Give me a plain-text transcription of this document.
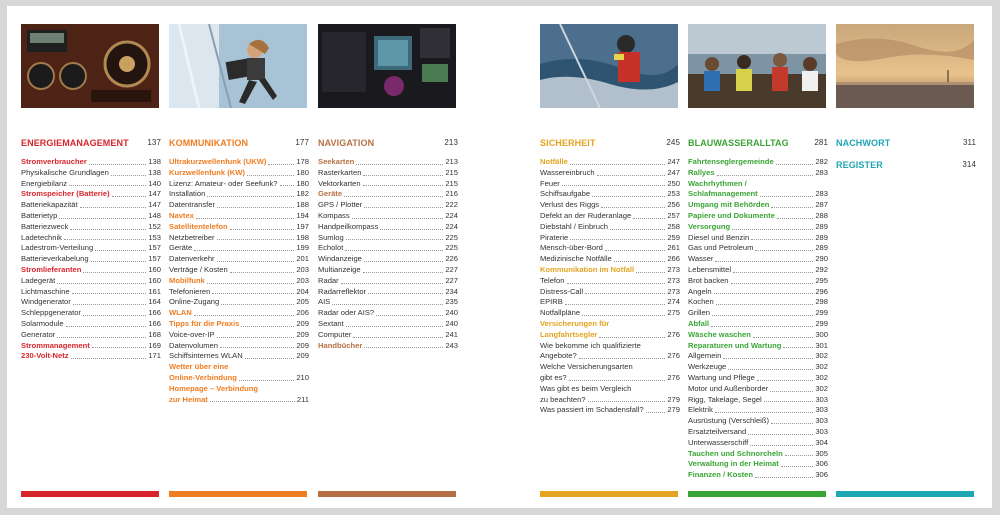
ENERGIEMANAGEMENT 137
Stromverbraucher	138
Physikalische Grundlagen	138
Energiebilanz	140
Stromspeicher (Batterie)	147
Batteriekapazität	147
Batterietyp	148
Batteriezweck	152
Ladetechnik	153
Ladestrom-Verteilung	157
Batterieverkabelung	157
Stromlieferanten	160
Ladegerät	160
Lichtmaschine	161
Windgenerator	164
Schleppgenerator	166
Solarmodule	166
Generator	168
Strommanagement	169
230-Volt-Netz	171
KOMMUNIKATION	177
Ultrakurzwellenfunk (UKW)	178
Kurzwellenfunk (KW)	180
Lizenz: Amateur- oder Seefunk? 180
Installation	182
Datentransfer	188
Navtex	194
Satellitentelefon	197
Netzbetreiber	198
Geräte	199
Datenverkehr	201
Verträge / Kosten	203
Mobilfunk	203
Telefonieren	204
Online-Zugang	205
WLAN	206
Tipps für die Praxis	209
Voice-over-IP	209
Datenvolumen	209
Schiffsinternes WLAN	209
Wetter über eine
Online-Verbindung	210
Homepage – Verbindung
zur Heimat	211
NAVIGATION	213
Seekarten	213
Rasterkarten	215
Vektorkarten	215
Geräte	216
GPS / Plotter	222
Kompass	224
Handpeilkompass	224
Sumlog	225
Echolot	225
Windanzeige	226
Multianzeige	227
Radar	227
Radarreflektor	234
AIS	235
Radar oder AIS?	240
Sextant	240
Computer	241
Handbücher	243
SICHERHEIT	245
Notfälle	247
Wassereinbruch	247
Feuer	250
Schiffsaufgabe	253
Verlust des Riggs	256
Defekt an der Ruderanlage	257
Diebstahl / Einbruch	258
Piraterie	259
Mensch-über-Bord	261
Medizinische Notfälle	266
Kommunikation im Notfall	273
Telefon	273
Distress-Call	273
EPIRB	274
Notfallpläne	275
Versicherungen für
Langfahrtsegler	276
Wie bekomme ich qualifizierte
Angebote?	276
Welche Versicherungsarten
gibt es?	276
Was gibt es beim Vergleich
zu beachten?	279
Was passiert im Schadensfall?	279
BLAUWASSERALLTAG	281
Fahrtenseglergemeinde	282
Rallyes	283
Wachrhythmen /
Schlafmanagement	283
Umgang mit Behörden	287
Papiere und Dokumente	288
Versorgung	289
Diesel und Benzin	289
Gas und Petroleum	289
Wasser	290
Lebensmittel	292
Brot backen	295
Angeln	296
Kochen	298
Grillen	299
Abfall	299
Wäsche waschen	300
Reparaturen und Wartung	301
Allgemein	302
Werkzeuge	302
Wartung und Pflege	302
Motor und Außenborder	302
Rigg, Takelage, Segel	303
Elektrik	303
Ausrüstung (Verschleiß)	303
Ersatzteilversand	303
Unterwasserschiff	304
Tauchen und Schnorcheln	305
Verwaltung in der Heimat	306
Finanzen / Kosten	306
NACHWORT	311
REGISTER	314
